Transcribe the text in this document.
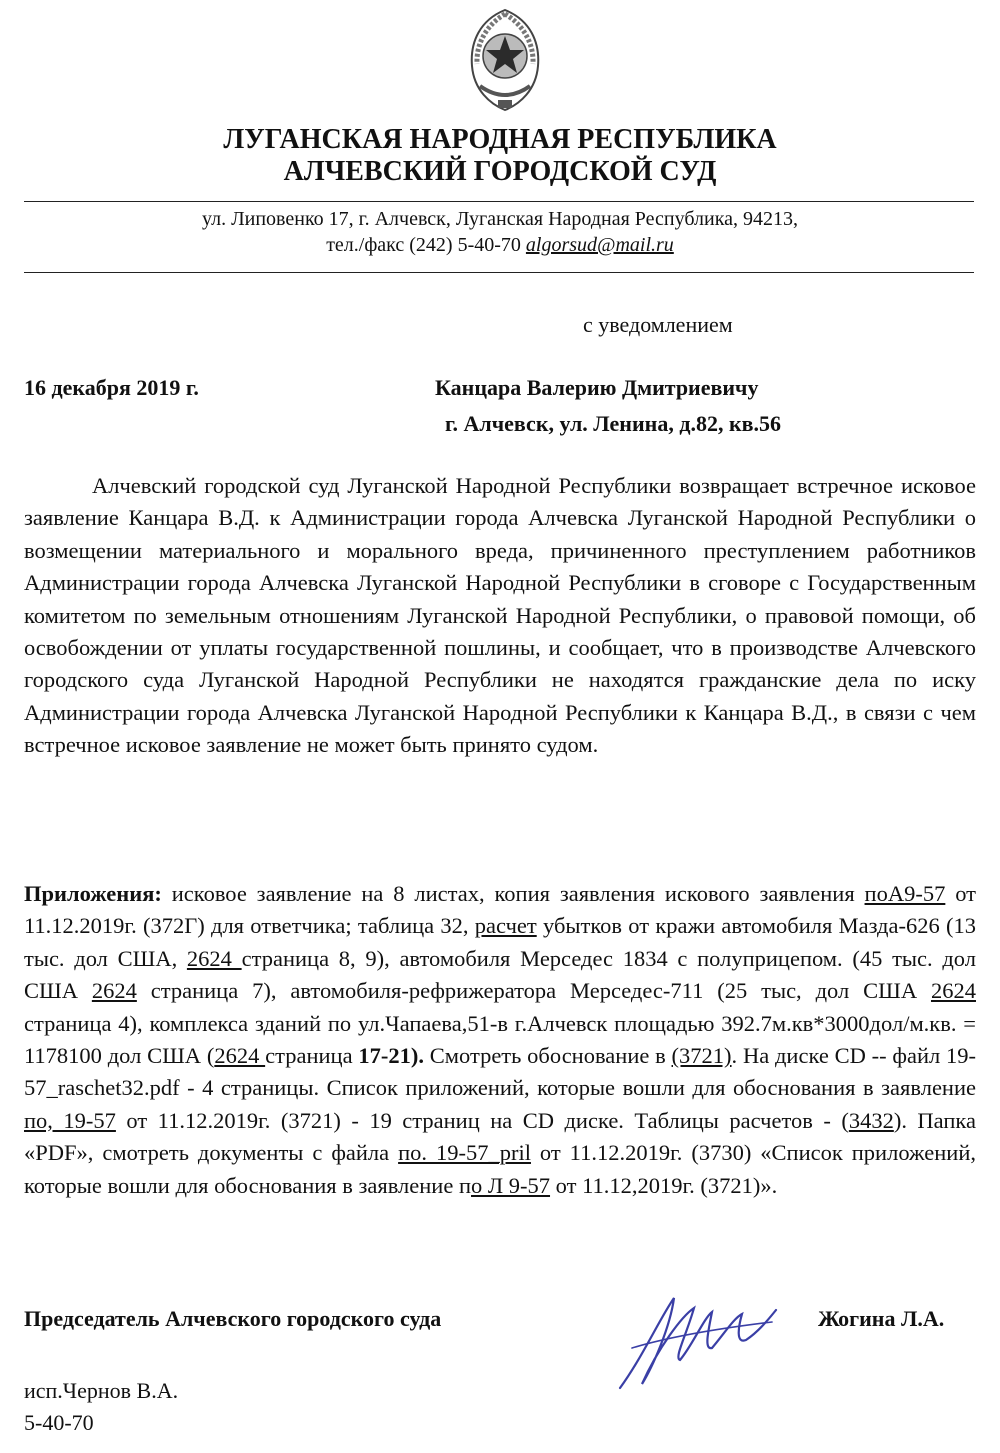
ЛУГАНСКАЯ НАРОДНАЯ РЕСПУБЛИКА
АЛЧЕВСКИЙ ГОРОДСКОЙ СУД
ул. Липовенко 17, г. Алчевск, Луганская Народная Республика, 94213,
тел./факс (242) 5-40-70 algorsud@mail.ru
с уведомлением
16 декабря 2019 г.	Канцара Валерию Дмитриевичу
г. Алчевск, ул. Ленина, д.82, кв.56

Алчевский городской суд Луганской Народной Республики возвращает встречное исковое заявление Канцара В.Д. к Администрации города Алчевска Луганской Народной Республики о возмещении материального и морального вреда, причиненного преступлением работников Администрации города Алчевска Луганской Народной Республики в сговоре с Государственным комитетом по земельным отношениям Луганской Народной Республики, о правовой помощи, об освобождении от уплаты государственной пошлины, и сообщает, что в производстве Алчевского городского суда Луганской Народной Республики не находятся гражданские дела по иску Администрации города Алчевска Луганской Народной Республики к Канцара В.Д., в связи с чем встречное исковое заявление не может быть принято судом.

Приложения: исковое заявление на 8 листах, копия заявления искового заявления поА9-57 от 11.12.2019г. (372Г) для ответчика; таблица 32, расчет убытков от кражи автомобиля Мазда-626 (13 тыс. дол США, 2624 страница 8, 9), автомобиля Мерседес 1834 с полуприцепом. (45 тыс. дол США 2624 страница 7), автомобиля-рефрижератора Мерседес-711 (25 тыс, дол США 2624 страница 4), комплекса зданий по ул.Чапаева,51-в г.Алчевск площадью 392.7м.кв*3000дол/м.кв. = 1178100 дол США (2624 страница 17-21). Смотреть обоснование в (3721). На диске CD -- файл 19-57_raschet32.pdf - 4 страницы. Список приложений, которые вошли для обоснования в заявление по, 19-57 от 11.12.2019г. (3721) - 19 страниц на CD диске. Таблицы расчетов - (3432). Папка «PDF», смотреть документы с файла по. 19-57_pril от 11.12.2019г. (3730) «Список приложений, которые вошли для обоснования в заявление по Л 9-57 от 11.12,2019г. (3721)».

Председатель Алчевского городского суда	Жогина Л.А.
исп.Чернов В.А.
5-40-70
